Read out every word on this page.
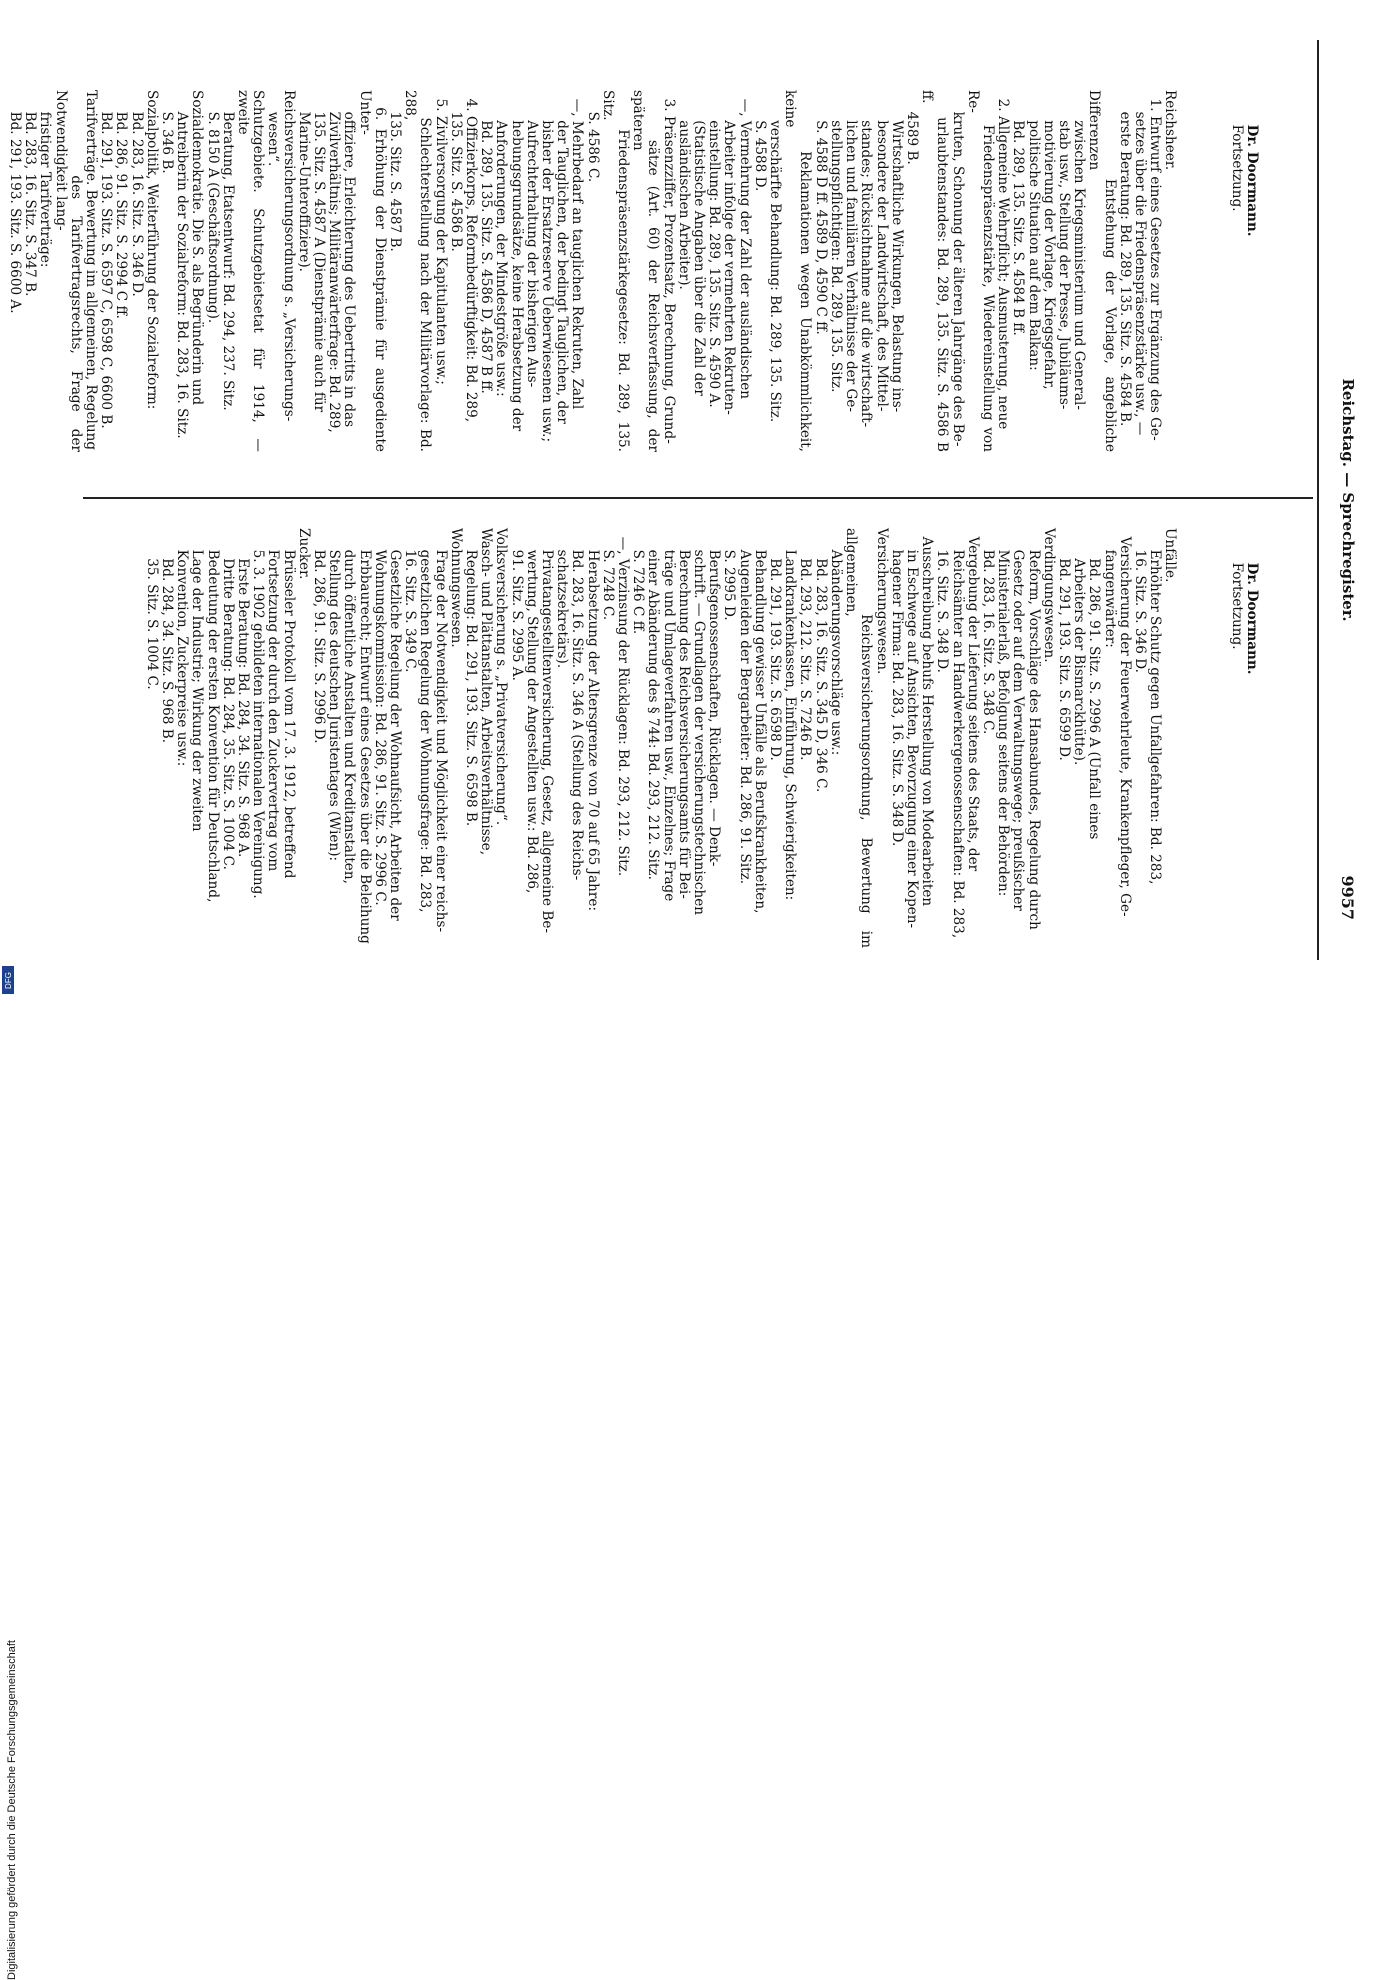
Reichstag. — Sprechregister.
9957

Dr. Doormann.
Fortsetzung.

Reichsheer.
1. Entwurf eines Gesetzes zur Ergänzung des Ge-
setzes über die Friedenspräsenzstärke usw., —
erste Beratung: Bd. 289, 135. Sitz. S. 4584 B.
Entstehung der Vorlage, angebliche Differenzen
zwischen Kriegsministerium und General-
stab usw., Stellung der Presse, Jubiläums-
motivierung der Vorlage, Kriegsgefahr,
politische Situation auf dem Balkan:
Bd. 289, 135. Sitz. S. 4584 B ff.
2. Allgemeine Wehrpflicht; Ausmusterung, neue
Friedenspräsenzstärke, Wiedereinstellung von Re-
kruten, Schonung der älteren Jahrgänge des Be-
urlaubtenstandes: Bd. 289, 135. Sitz. S. 4586 B ff.
4589 B.
Wirtschaftliche Wirkungen, Belastung ins-
besondere der Landwirtschaft, des Mittel-
standes; Rücksichtnahme auf die wirtschaft-
lichen und familiären Verhältnisse der Ge-
stellungspflichtigen: Bd. 289, 135. Sitz.
S. 4588 D ff. 4589 D, 4590 C ff.
Reklamationen wegen Unabkömmlichkeit, keine
verschärfte Behandlung: Bd. 289, 135. Sitz.
S. 4588 D.
—, Vermehrung der Zahl der ausländischen
Arbeiter infolge der vermehrten Rekruten-
einstellung: Bd. 289, 135. Sitz. S. 4590 A.
(Statistische Angaben über die Zahl der
ausländischen Arbeiter).
3. Präsenzziffer, Prozentsatz, Berechnung, Grund-
sätze (Art. 60) der Reichsverfassung, der späteren
Friedenspräsenzstärkegesetze: Bd. 289, 135. Sitz.
S. 4586 C.
—, Mehrbedarf an tauglichen Rekruten, Zahl
der Tauglichen, der bedingt Tauglichen, der
bisher der Ersatzreserve Ueberwiesenen usw.;
Aufrechterhaltung der bisherigen Aus-
hebungsgrundsätze, keine Herabsetzung der
Anforderungen, der Mindestgröße usw.:
Bd. 289, 135. Sitz. S. 4586 D, 4587 B ff.
4. Offizierkorps, Reformbedürftigkeit: Bd. 289,
135. Sitz. S. 4586 B.
5. Zivilversorgung der Kapitulanten usw.;
Schlechterstellung nach der Militärvorlage: Bd. 288,
135. Sitz. S. 4587 B.
6. Erhöhung der Dienstprämie für ausgediente Unter-
offiziere, Erleichterung des Uebertritts in das
Zivilverhältnis; Militäranwärterfrage: Bd. 289,
135. Sitz. S. 4587 A (Dienstprämie auch für
Marine-Unteroffiziere).
Reichsversicherungsordnung s. „Versicherungs-
wesen“.
Schutzgebiete. Schutzgebietsetat für 1914, — zweite
Beratung, Etatsentwurf: Bd. 294, 237. Sitz.
S. 8150 A (Geschäftsordnung).
Sozialdemokratie. Die S. als Begründerin und
Antreiberin der Sozialreform: Bd. 283, 16. Sitz.
S. 346 B.
Sozialpolitik, Weiterführung der Sozialreform:
Bd. 283, 16. Sitz. S. 346 D.
Bd. 286, 91. Sitz. S. 2994 C ff.
Bd. 291, 193. Sitz. S. 6597 C, 6598 C, 6600 B.
Tarifverträge. Bewertung im allgemeinen, Regelung
des Tarifvertragsrechts, Frage der Notwendigkeit lang-
fristiger Tarifverträge:
Bd. 283, 16. Sitz. S. 347 B.
Bd. 291, 193. Sitz. S. 6600 A.

Dr. Doormann.
Fortsetzung.

Unfälle.
Erhöhter Schutz gegen Unfallgefahren: Bd. 283,
16. Sitz. S. 346 D.
Versicherung der Feuerwehrleute, Krankenpfleger, Ge-
fangenwärter:
Bd. 286, 91. Sitz. S. 2996 A (Unfall eines
Arbeiters der Bismarckhütte).
Bd. 291, 193. Sitz. S. 6599 D.
Verdingungswesen.
Reform, Vorschläge des Hansabundes, Regelung durch
Gesetz oder auf dem Verwaltungswege; preußischer
Ministerialerlaß, Befolgung seitens der Behörden:
Bd. 283, 16. Sitz. S. 348 C.
Vergebung der Lieferung seitens des Staats, der
Reichsämter an Handwerkergenossenschaften: Bd. 283,
16. Sitz. S. 348 D.
Ausschreibung behufs Herstellung von Modearbeiten
in Eschwege auf Ansichten, Bevorzugung einer Kopen-
hagener Firma: Bd. 283, 16. Sitz. S. 348 D.
Versicherungswesen.
Reichsversicherungsordnung, Bewertung im allgemeinen,
Abänderungsvorschläge usw.:
Bd. 283, 16. Sitz. S. 345 D, 346 C.
Bd. 293, 212. Sitz. S. 7246 B.
Landkrankenkassen, Einführung, Schwierigkeiten:
Bd. 291, 193. Sitz. S. 6598 D.
Behandlung gewisser Unfälle als Berufskrankheiten,
Augenleiden der Bergarbeiter: Bd. 286, 91. Sitz.
S. 2995 D.
Berufsgenossenschaften, Rücklagen. — Denk-
schrift. — Grundlagen der versicherungstechnischen
Berechnung des Reichsversicherungsamts für Bei-
träge und Umlageverfahren usw., Einzelnes; Frage
einer Abänderung des § 744: Bd. 293, 212. Sitz.
S. 7246 C ff.
—, Verzinsung der Rücklagen: Bd. 293, 212. Sitz.
S. 7248 C.
Herabsetzung der Altersgrenze von 70 auf 65 Jahre:
Bd. 283, 16. Sitz. S. 346 A (Stellung des Reichs-
schatzsekretärs).
Privatangestelltenversicherung, Gesetz, allgemeine Be-
wertung, Stellung der Angestellten usw.: Bd. 286,
91. Sitz. S. 2995 A.
Volksversicherung s. „Privatversicherung“.
Wasch- und Plättanstalten, Arbeitsverhältnisse,
Regelung: Bd. 291, 193. Sitz. S. 6598 B.
Wohnungswesen.
Frage der Notwendigkeit und Möglichkeit einer reichs-
gesetzlichen Regelung der Wohnungsfrage: Bd. 283,
16. Sitz. S. 349 C.
Gesetzliche Regelung der Wohnaufsicht, Arbeiten der
Wohnungskommission: Bd. 286, 91. Sitz. S. 2996 C.
Erbbaurecht; Entwurf eines Gesetzes über die Beleihung
durch öffentliche Anstalten und Kreditanstalten,
Stellung des deutschen Juristentages (Wien):
Bd. 286, 91. Sitz. S. 2996 D.
Zucker.
Brüsseler Protokoll vom 17. 3. 1912, betreffend
Fortsetzung der durch den Zuckervertrag vom
5. 3. 1902 gebildeten internationalen Vereinigung.
Erste Beratung: Bd. 284, 34. Sitz. S. 968 A.
Dritte Beratung: Bd. 284, 35. Sitz. S. 1004 C.
Bedeutung der ersten Konvention für Deutschland,
Lage der Industrie; Wirkung der zweiten
Konvention, Zuckerpreise usw.:
Bd. 284, 34. Sitz. S. 968 B.
35. Sitz. S. 1004 C.

Digitalisierung gefördert durch die Deutsche Forschungsgemeinschaft
DFG
